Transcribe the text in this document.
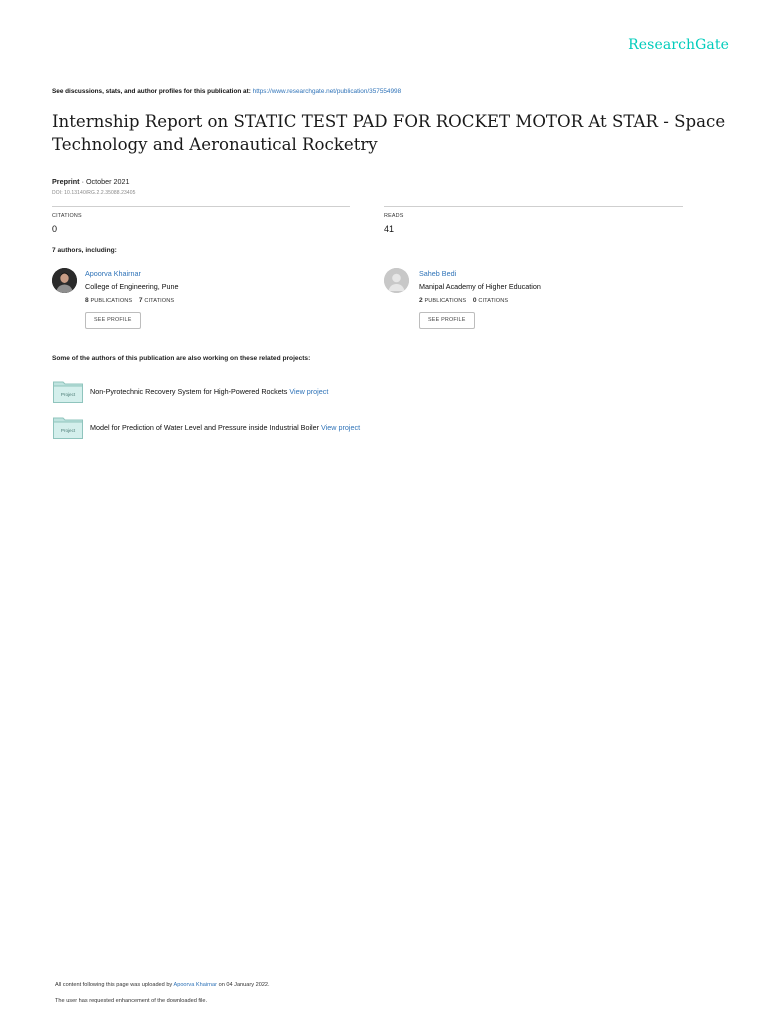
ResearchGate
See discussions, stats, and author profiles for this publication at: https://www.researchgate.net/publication/357554998
Internship Report on STATIC TEST PAD FOR ROCKET MOTOR At STAR - Space Technology and Aeronautical Rocketry
Preprint · October 2021
DOI: 10.13140/RG.2.2.35088.23405
CITATIONS
0
READS
41
7 authors, including:
Apoorva Khairnar
College of Engineering, Pune
8 PUBLICATIONS 7 CITATIONS
SEE PROFILE
Saheb Bedi
Manipal Academy of Higher Education
2 PUBLICATIONS 0 CITATIONS
SEE PROFILE
Some of the authors of this publication are also working on these related projects:
Project Non-Pyrotechnic Recovery System for High-Powered Rockets View project
Project Model for Prediction of Water Level and Pressure inside Industrial Boiler View project
All content following this page was uploaded by Apoorva Khairnar on 04 January 2022.
The user has requested enhancement of the downloaded file.
